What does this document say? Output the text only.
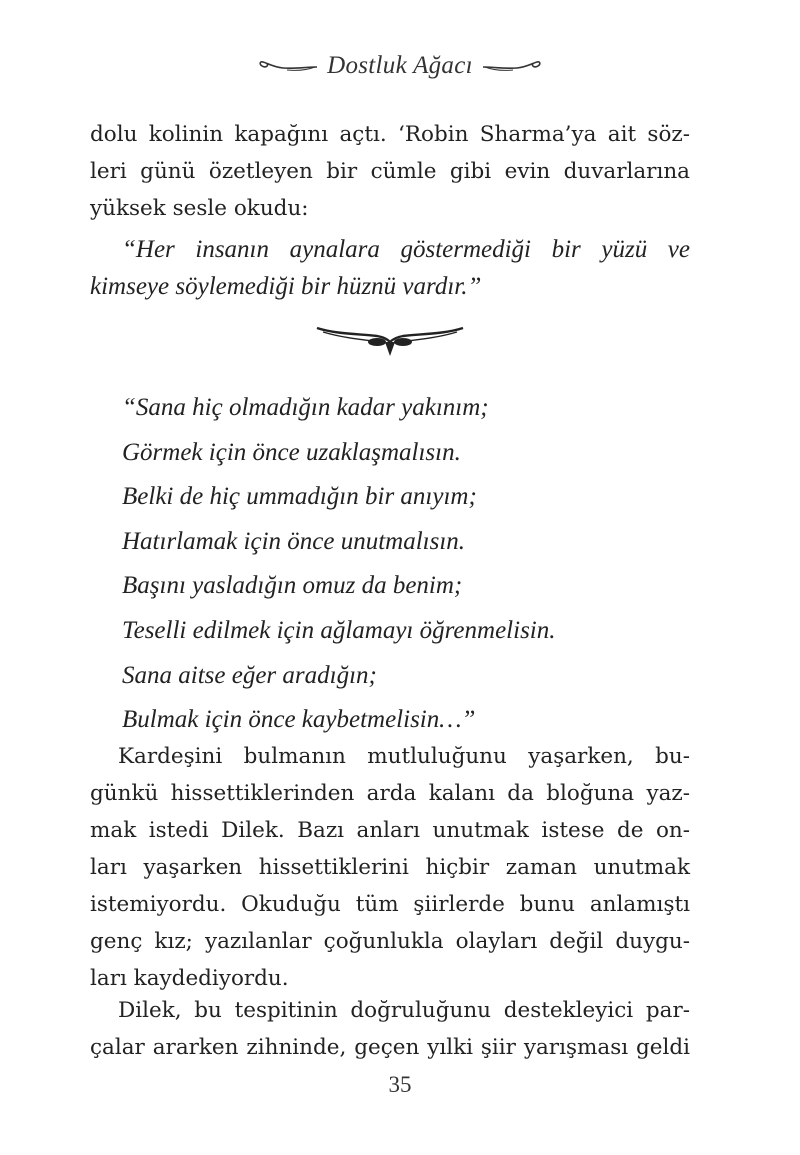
Dostluk Ağacı
dolu kolinin kapağını açtı. ‘Robin Sharma’ya ait söz-
leri günü özetleyen bir cümle gibi evin duvarlarına
yüksek sesle okudu:
“Her insanın aynalara göstermediği bir yüzü ve
kimseye söylemediği bir hüznü vardır.”
“Sana hiç olmadığın kadar yakınım;
Görmek için önce uzaklaşmalısın.
Belki de hiç ummadığın bir anıyım;
Hatırlamak için önce unutmalısın.
Başını yasladığın omuz da benim;
Teselli edilmek için ağlamayı öğrenmelisin.
Sana aitse eğer aradığın;
Bulmak için önce kaybetmelisin…”
Kardeşini bulmanın mutluluğunu yaşarken, bu-
günkü hissettiklerinden arda kalanı da bloğuna yaz-
mak istedi Dilek. Bazı anları unutmak istese de on-
ları yaşarken hissettiklerini hiçbir zaman unutmak
istemiyordu. Okuduğu tüm şiirlerde bunu anlamıştı
genç kız; yazılanlar çoğunlukla olayları değil duygu-
ları kaydediyordu.
Dilek, bu tespitinin doğruluğunu destekleyici par-
çalar ararken zihninde, geçen yılki şiir yarışması geldi
35
